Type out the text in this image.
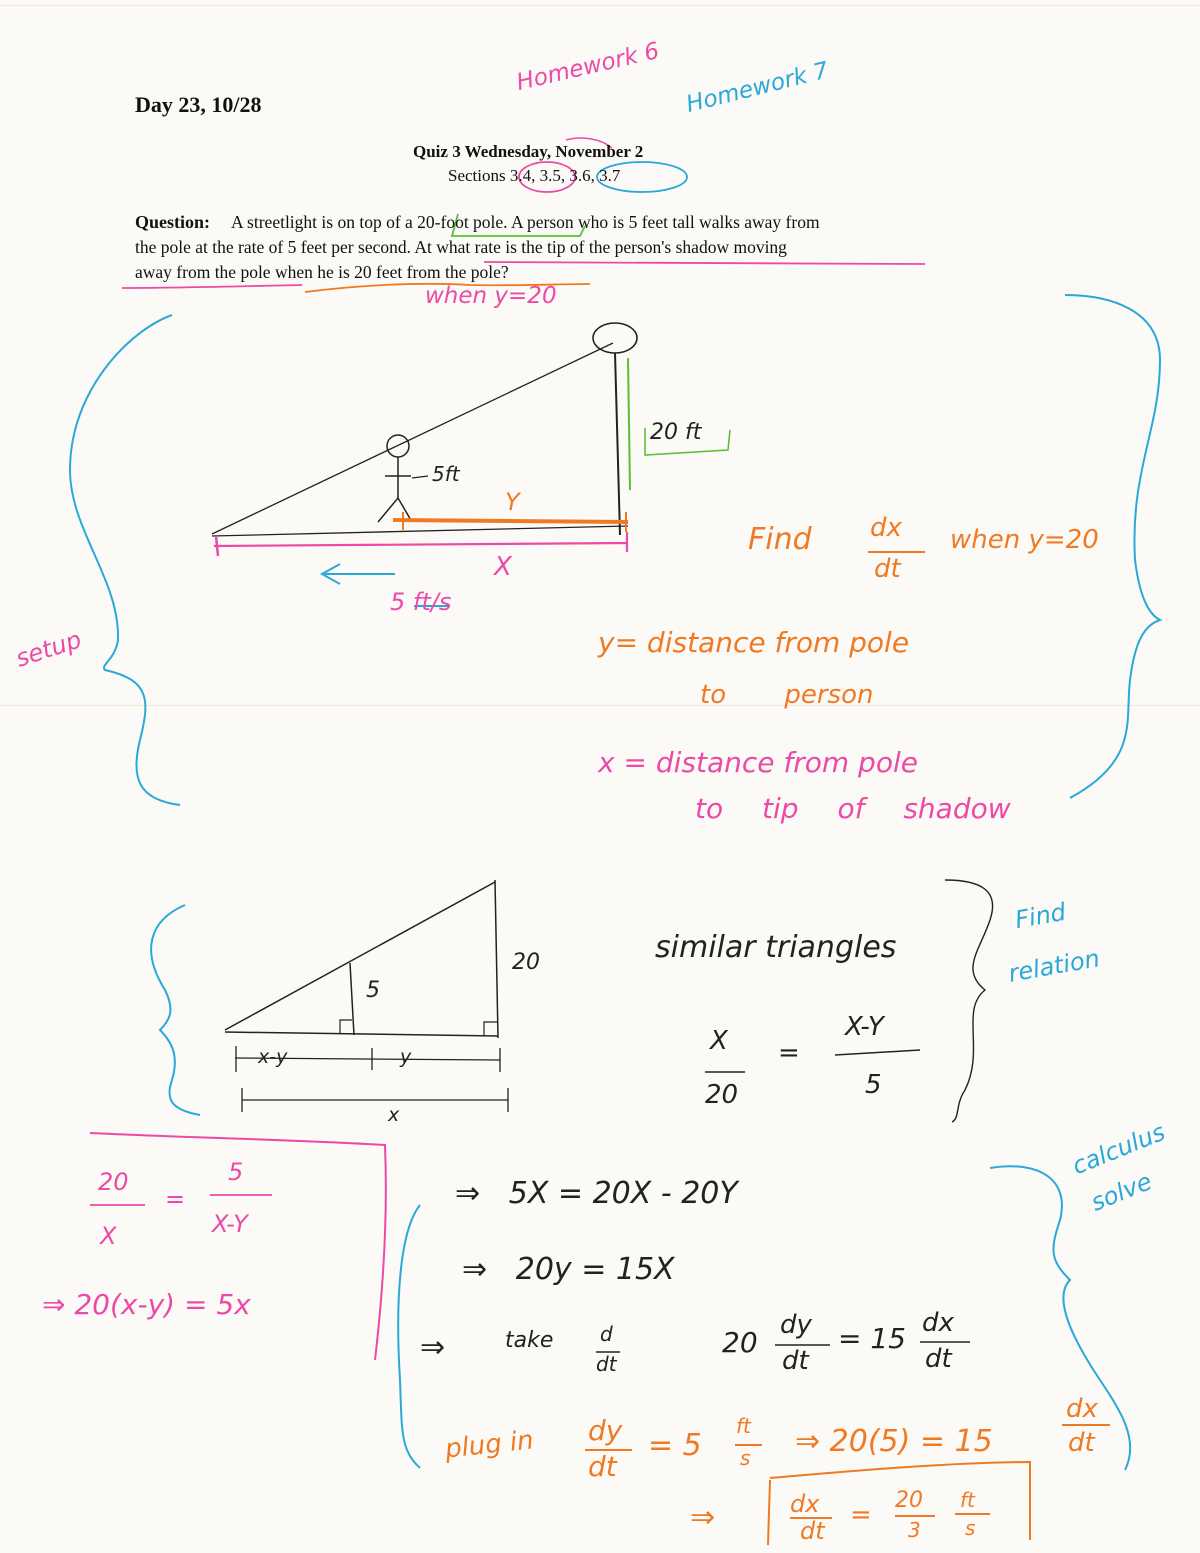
Day 23, 10/28
Homework 6 Homework 7
Quiz 3 Wednesday, November 2
Sections 3.4, 3.5, 3.6, 3.7
Question: A streetlight is on top of a 20-foot pole. A person who is 5 feet tall walks away from
the pole at the rate of 5 feet per second. At what rate is the tip of the person's shadow moving
away from the pole when he is 20 feet from the pole?
when y=20
setup
20 ft
5ft
Y
X
5 ft/s
Find dx
dt
when y=20
y= distance from pole
to person
x = distance from pole
to tip of shadow
5
20
x-y	y
x
similar triangles
X
20
=
X-Y
5
Find
relation
20
X
=
5
X-Y
⇒ 20(x-y) = 5x
calculus
solve
⇒   5X = 20X - 20Y
⇒   20y = 15X
⇒	take d
dt
20
dy
dt
= 15 dx
dt
plug in dy
dt
= 5
ft
s ⇒ 20(5) = 15
dx
dt
⇒	dx
dt
= 20
3
ft
s
